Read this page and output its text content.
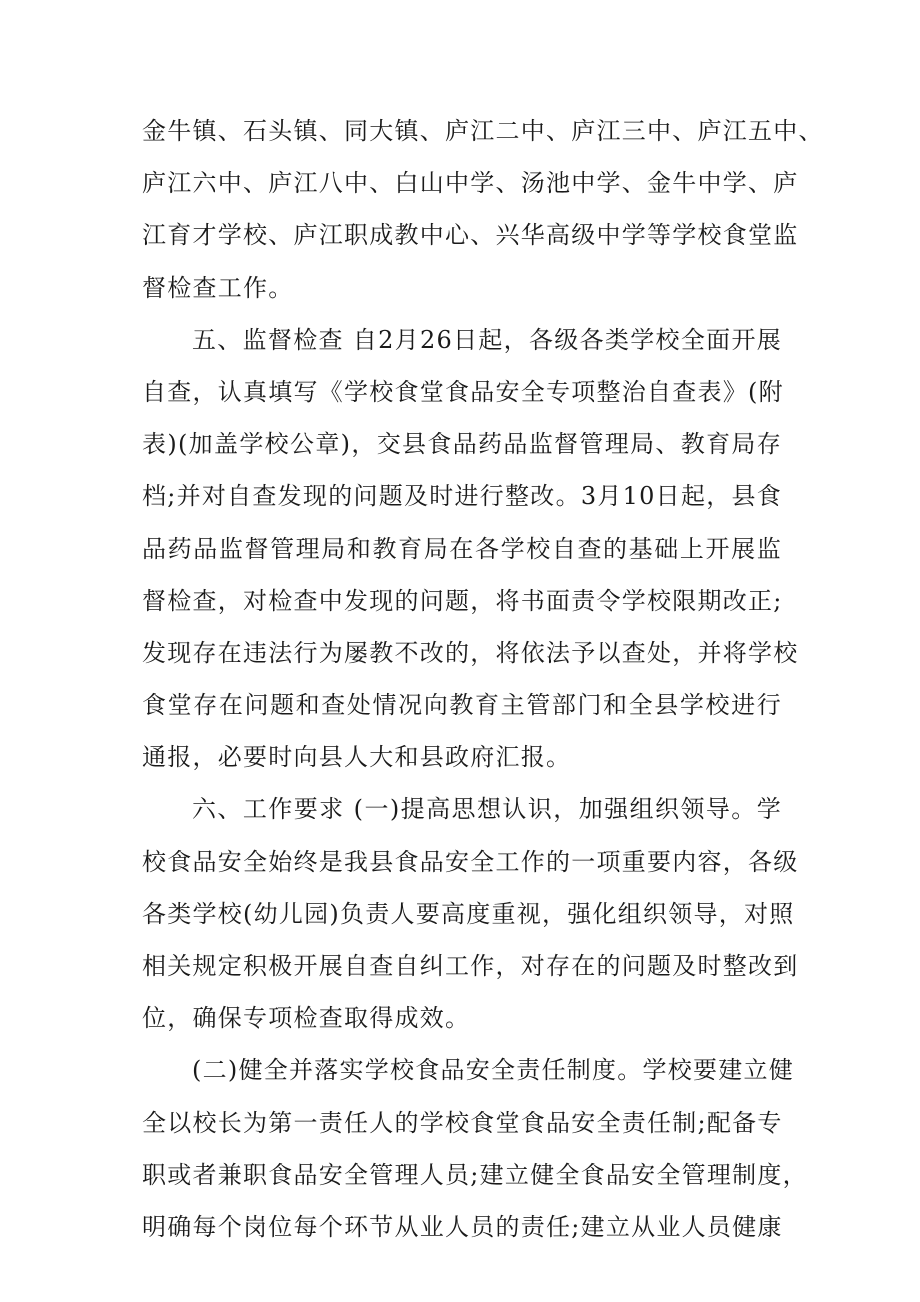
金牛镇、石头镇、同大镇、庐江二中、庐江三中、庐江五中、
庐江六中、庐江八中、白山中学、汤池中学、金牛中学、庐
江育才学校、庐江职成教中心、兴华高级中学等学校食堂监
督检查工作。
五、监督检查 自2月26日起，各级各类学校全面开展
自查，认真填写《学校食堂食品安全专项整治自查表》(附
表)(加盖学校公章)，交县食品药品监督管理局、教育局存
档;并对自查发现的问题及时进行整改。3月10日起，县食
品药品监督管理局和教育局在各学校自查的基础上开展监
督检查，对检查中发现的问题，将书面责令学校限期改正;
发现存在违法行为屡教不改的，将依法予以查处，并将学校
食堂存在问题和查处情况向教育主管部门和全县学校进行
通报，必要时向县人大和县政府汇报。
六、工作要求 (一)提高思想认识，加强组织领导。学
校食品安全始终是我县食品安全工作的一项重要内容，各级
各类学校(幼儿园)负责人要高度重视，强化组织领导，对照
相关规定积极开展自查自纠工作，对存在的问题及时整改到
位，确保专项检查取得成效。
(二)健全并落实学校食品安全责任制度。学校要建立健
全以校长为第一责任人的学校食堂食品安全责任制;配备专
职或者兼职食品安全管理人员;建立健全食品安全管理制度，
明确每个岗位每个环节从业人员的责任;建立从业人员健康
